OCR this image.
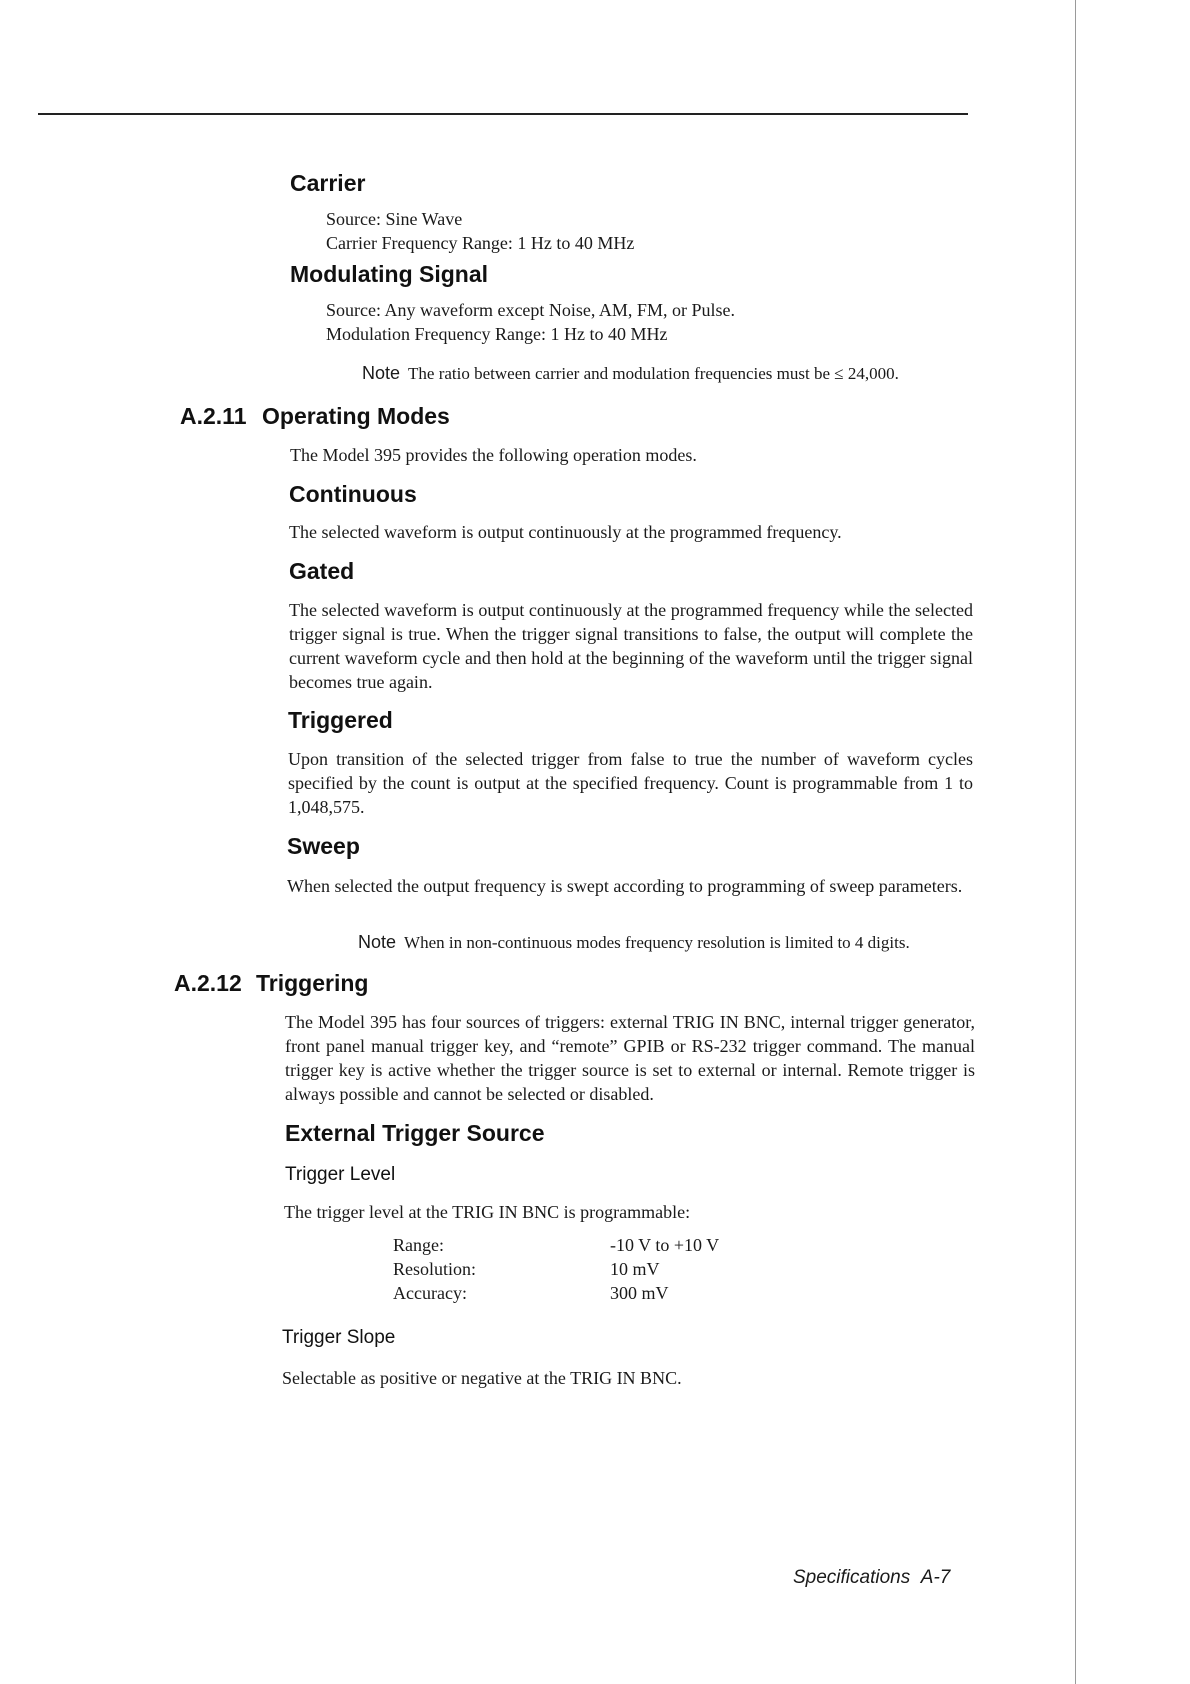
Carrier
Source: Sine Wave
Carrier Frequency Range: 1 Hz to 40 MHz
Modulating Signal
Source: Any waveform except Noise, AM, FM, or Pulse.
Modulation Frequency Range: 1 Hz to 40 MHz
Note The ratio between carrier and modulation frequencies must be ≤ 24,000.
A.2.11 Operating Modes
The Model 395 provides the following operation modes.
Continuous
The selected waveform is output continuously at the programmed frequency.
Gated
The selected waveform is output continuously at the programmed frequency while the selected trigger signal is true. When the trigger signal transitions to false, the output will complete the current waveform cycle and then hold at the beginning of the waveform until the trigger signal becomes true again.
Triggered
Upon transition of the selected trigger from false to true the number of waveform cycles specified by the count is output at the specified frequency. Count is programmable from 1 to 1,048,575.
Sweep
When selected the output frequency is swept according to programming of sweep parameters.
Note When in non-continuous modes frequency resolution is limited to 4 digits.
A.2.12 Triggering
The Model 395 has four sources of triggers: external TRIG IN BNC, internal trigger generator, front panel manual trigger key, and “remote” GPIB or RS-232 trigger command. The manual trigger key is active whether the trigger source is set to external or internal. Remote trigger is always possible and cannot be selected or disabled.
External Trigger Source
Trigger Level
The trigger level at the TRIG IN BNC is programmable:
Range:	-10 V to +10 V
Resolution:	10 mV
Accuracy:	300 mV
Trigger Slope
Selectable as positive or negative at the TRIG IN BNC.
Specifications A-7
